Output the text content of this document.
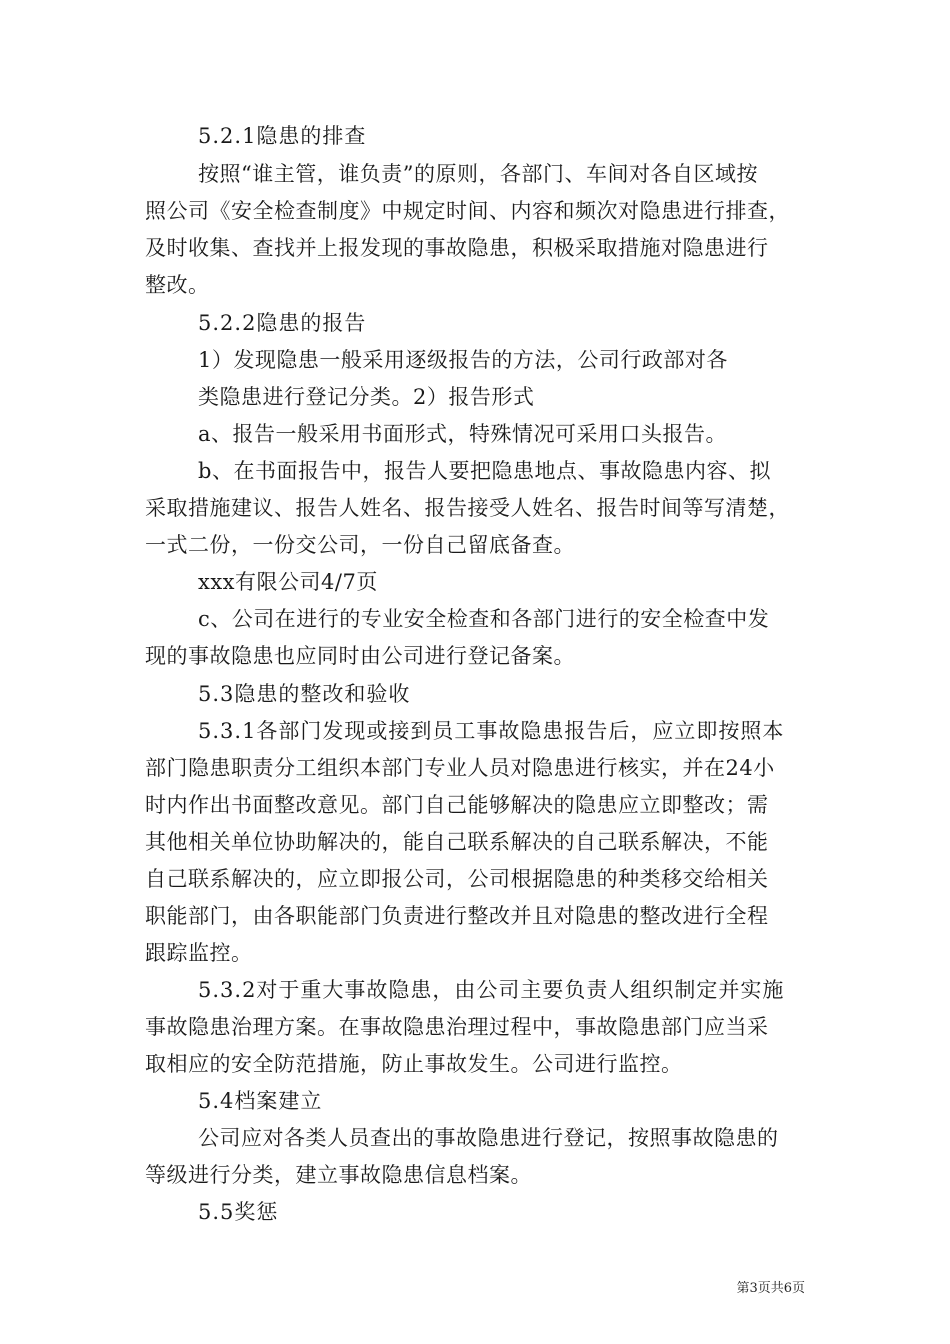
5.2.1隐患的排查
按照“谁主管，谁负责”的原则，各部门、车间对各自区域按
照公司《安全检查制度》中规定时间、内容和频次对隐患进行排查，
及时收集、查找并上报发现的事故隐患，积极采取措施对隐患进行
整改。
5.2.2隐患的报告
1）发现隐患一般采用逐级报告的方法，公司行政部对各
类隐患进行登记分类。2）报告形式
a、报告一般采用书面形式，特殊情况可采用口头报告。
b、在书面报告中，报告人要把隐患地点、事故隐患内容、拟
采取措施建议、报告人姓名、报告接受人姓名、报告时间等写清楚，
一式二份，一份交公司，一份自己留底备查。
xxx有限公司4/7页
c、公司在进行的专业安全检查和各部门进行的安全检查中发
现的事故隐患也应同时由公司进行登记备案。
5.3隐患的整改和验收
5.3.1各部门发现或接到员工事故隐患报告后，应立即按照本
部门隐患职责分工组织本部门专业人员对隐患进行核实，并在24小
时内作出书面整改意见。部门自己能够解决的隐患应立即整改；需
其他相关单位协助解决的，能自己联系解决的自己联系解决，不能
自己联系解决的，应立即报公司，公司根据隐患的种类移交给相关
职能部门，由各职能部门负责进行整改并且对隐患的整改进行全程
跟踪监控。
5.3.2对于重大事故隐患，由公司主要负责人组织制定并实施
事故隐患治理方案。在事故隐患治理过程中，事故隐患部门应当采
取相应的安全防范措施，防止事故发生。公司进行监控。
5.4档案建立
公司应对各类人员查出的事故隐患进行登记，按照事故隐患的
等级进行分类，建立事故隐患信息档案。
5.5奖惩
第3页共6页
